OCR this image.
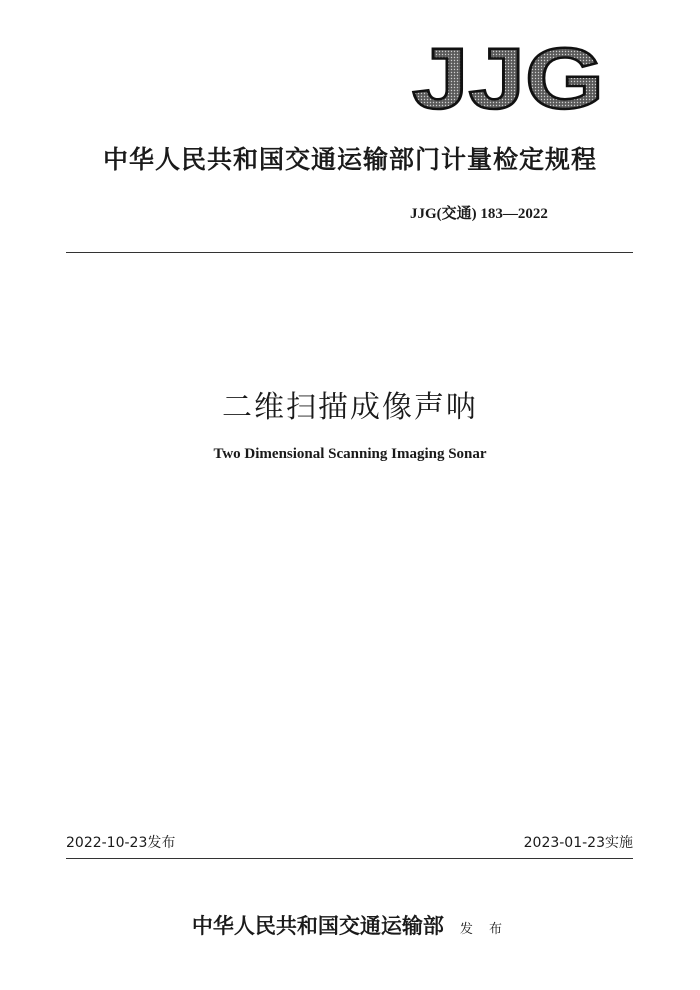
JJG
中华人民共和国交通运输部门计量检定规程
JJG(交通) 183—2022
二维扫描成像声呐
Two Dimensional Scanning Imaging Sonar
2022-10-23发布	2023-01-23实施
中华人民共和国交通运输部 发 布
